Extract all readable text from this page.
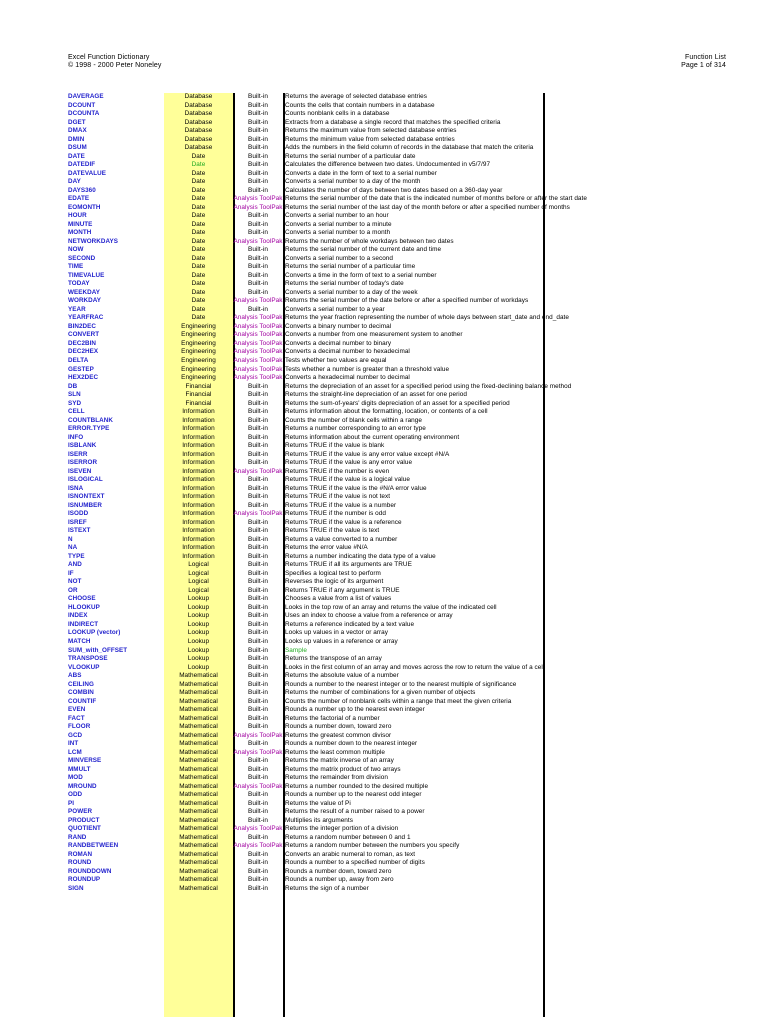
Excel Function Dictionary
© 1998 - 2000 Peter Noneley
Function List
Page 1 of 314
DAVERAGE	Database	Built-in	Returns the average of selected database entries
DCOUNT	Database	Built-in	Counts the cells that contain numbers in a database
DCOUNTA	Database	Built-in	Counts nonblank cells in a database
DGET	Database	Built-in	Extracts from a database a single record that matches the specified criteria
DMAX	Database	Built-in	Returns the maximum value from selected database entries
DMIN	Database	Built-in	Returns the minimum value from selected database entries
DSUM	Database	Built-in	Adds the numbers in the field column of records in the database that match the criteria
DATE	Date	Built-in	Returns the serial number of a particular date
DATEDIF	Date	Built-in	Calculates the difference between two dates. Undocumented in v5/7/97
DATEVALUE	Date	Built-in	Converts a date in the form of text to a serial number
DAY	Date	Built-in	Converts a serial number to a day of the month
DAYS360	Date	Built-in	Calculates the number of days between two dates based on a 360-day year
EDATE	Date	Analysis ToolPak Returns the serial number of the date that is the indicated number of months before or after the start date
EOMONTH	Date	Analysis ToolPak Returns the serial number of the last day of the month before or after a specified number of months
HOUR	Date	Built-in	Converts a serial number to an hour
MINUTE	Date	Built-in	Converts a serial number to a minute
MONTH	Date	Built-in	Converts a serial number to a month
NETWORKDAYS	Date	Analysis ToolPak Returns the number of whole workdays between two dates
NOW	Date	Built-in	Returns the serial number of the current date and time
SECOND	Date	Built-in	Converts a serial number to a second
TIME	Date	Built-in	Returns the serial number of a particular time
TIMEVALUE	Date	Built-in	Converts a time in the form of text to a serial number
TODAY	Date	Built-in	Returns the serial number of today's date
WEEKDAY	Date	Built-in	Converts a serial number to a day of the week
WORKDAY	Date	Analysis ToolPak Returns the serial number of the date before or after a specified number of workdays
YEAR	Date	Built-in	Converts a serial number to a year
YEARFRAC	Date	Analysis ToolPak Returns the year fraction representing the number of whole days between start_date and end_date
BIN2DEC	Engineering	Analysis ToolPak Converts a binary number to decimal
CONVERT	Engineering	Analysis ToolPak Converts a number from one measurement system to another
DEC2BIN	Engineering	Analysis ToolPak Converts a decimal number to binary
DEC2HEX	Engineering	Analysis ToolPak Converts a decimal number to hexadecimal
DELTA	Engineering	Analysis ToolPak Tests whether two values are equal
GESTEP	Engineering	Analysis ToolPak Tests whether a number is greater than a threshold value
HEX2DEC	Engineering	Analysis ToolPak Converts a hexadecimal number to decimal
DB	Financial	Built-in	Returns the depreciation of an asset for a specified period using the fixed-declining balance method
SLN	Financial	Built-in	Returns the straight-line depreciation of an asset for one period
SYD	Financial	Built-in	Returns the sum-of-years' digits depreciation of an asset for a specified period
CELL	Information	Built-in	Returns information about the formatting, location, or contents of a cell
COUNTBLANK	Information	Built-in	Counts the number of blank cells within a range
ERROR.TYPE	Information	Built-in	Returns a number corresponding to an error type
INFO	Information	Built-in	Returns information about the current operating environment
ISBLANK	Information	Built-in	Returns TRUE if the value is blank
ISERR	Information	Built-in	Returns TRUE if the value is any error value except #N/A
ISERROR	Information	Built-in	Returns TRUE if the value is any error value
ISEVEN	Information	Analysis ToolPak Returns TRUE if the number is even
ISLOGICAL	Information	Built-in	Returns TRUE if the value is a logical value
ISNA	Information	Built-in	Returns TRUE if the value is the #N/A error value
ISNONTEXT	Information	Built-in	Returns TRUE if the value is not text
ISNUMBER	Information	Built-in	Returns TRUE if the value is a number
ISODD	Information	Analysis ToolPak Returns TRUE if the number is odd
ISREF	Information	Built-in	Returns TRUE if the value is a reference
ISTEXT	Information	Built-in	Returns TRUE if the value is text
N	Information	Built-in	Returns a value converted to a number
NA	Information	Built-in	Returns the error value #N/A
TYPE	Information	Built-in	Returns a number indicating the data type of a value
AND	Logical	Built-in	Returns TRUE if all its arguments are TRUE
IF	Logical	Built-in	Specifies a logical test to perform
NOT	Logical	Built-in	Reverses the logic of its argument
OR	Logical	Built-in	Returns TRUE if any argument is TRUE
CHOOSE	Lookup	Built-in	Chooses a value from a list of values
HLOOKUP	Lookup	Built-in	Looks in the top row of an array and returns the value of the indicated cell
INDEX	Lookup	Built-in	Uses an index to choose a value from a reference or array
INDIRECT	Lookup	Built-in	Returns a reference indicated by a text value
LOOKUP (vector)	Lookup	Built-in	Looks up values in a vector or array
MATCH	Lookup	Built-in	Looks up values in a reference or array
SUM_with_OFFSET	Lookup	Built-in	Sample
TRANSPOSE	Lookup	Built-in	Returns the transpose of an array
VLOOKUP	Lookup	Built-in	Looks in the first column of an array and moves across the row to return the value of a cell
ABS	Mathematical	Built-in	Returns the absolute value of a number
CEILING	Mathematical	Built-in	Rounds a number to the nearest integer or to the nearest multiple of significance
COMBIN	Mathematical	Built-in	Returns the number of combinations for a given number of objects
COUNTIF	Mathematical	Built-in	Counts the number of nonblank cells within a range that meet the given criteria
EVEN	Mathematical	Built-in	Rounds a number up to the nearest even integer
FACT	Mathematical	Built-in	Returns the factorial of a number
FLOOR	Mathematical	Built-in	Rounds a number down, toward zero
GCD	Mathematical	Analysis ToolPak Returns the greatest common divisor
INT	Mathematical	Built-in	Rounds a number down to the nearest integer
LCM	Mathematical	Analysis ToolPak Returns the least common multiple
MINVERSE	Mathematical	Built-in	Returns the matrix inverse of an array
MMULT	Mathematical	Built-in	Returns the matrix product of two arrays
MOD	Mathematical	Built-in	Returns the remainder from division
MROUND	Mathematical	Analysis ToolPak Returns a number rounded to the desired multiple
ODD	Mathematical	Built-in	Rounds a number up to the nearest odd integer
PI	Mathematical	Built-in	Returns the value of Pi
POWER	Mathematical	Built-in	Returns the result of a number raised to a power
PRODUCT	Mathematical	Built-in	Multiplies its arguments
QUOTIENT	Mathematical	Analysis ToolPak Returns the integer portion of a division
RAND	Mathematical	Built-in	Returns a random number between 0 and 1
RANDBETWEEN	Mathematical	Analysis ToolPak Returns a random number between the numbers you specify
ROMAN	Mathematical	Built-in	Converts an arabic numeral to roman, as text
ROUND	Mathematical	Built-in	Rounds a number to a specified number of digits
ROUNDDOWN	Mathematical	Built-in	Rounds a number down, toward zero
ROUNDUP	Mathematical	Built-in	Rounds a number up, away from zero
SIGN	Mathematical	Built-in	Returns the sign of a number
